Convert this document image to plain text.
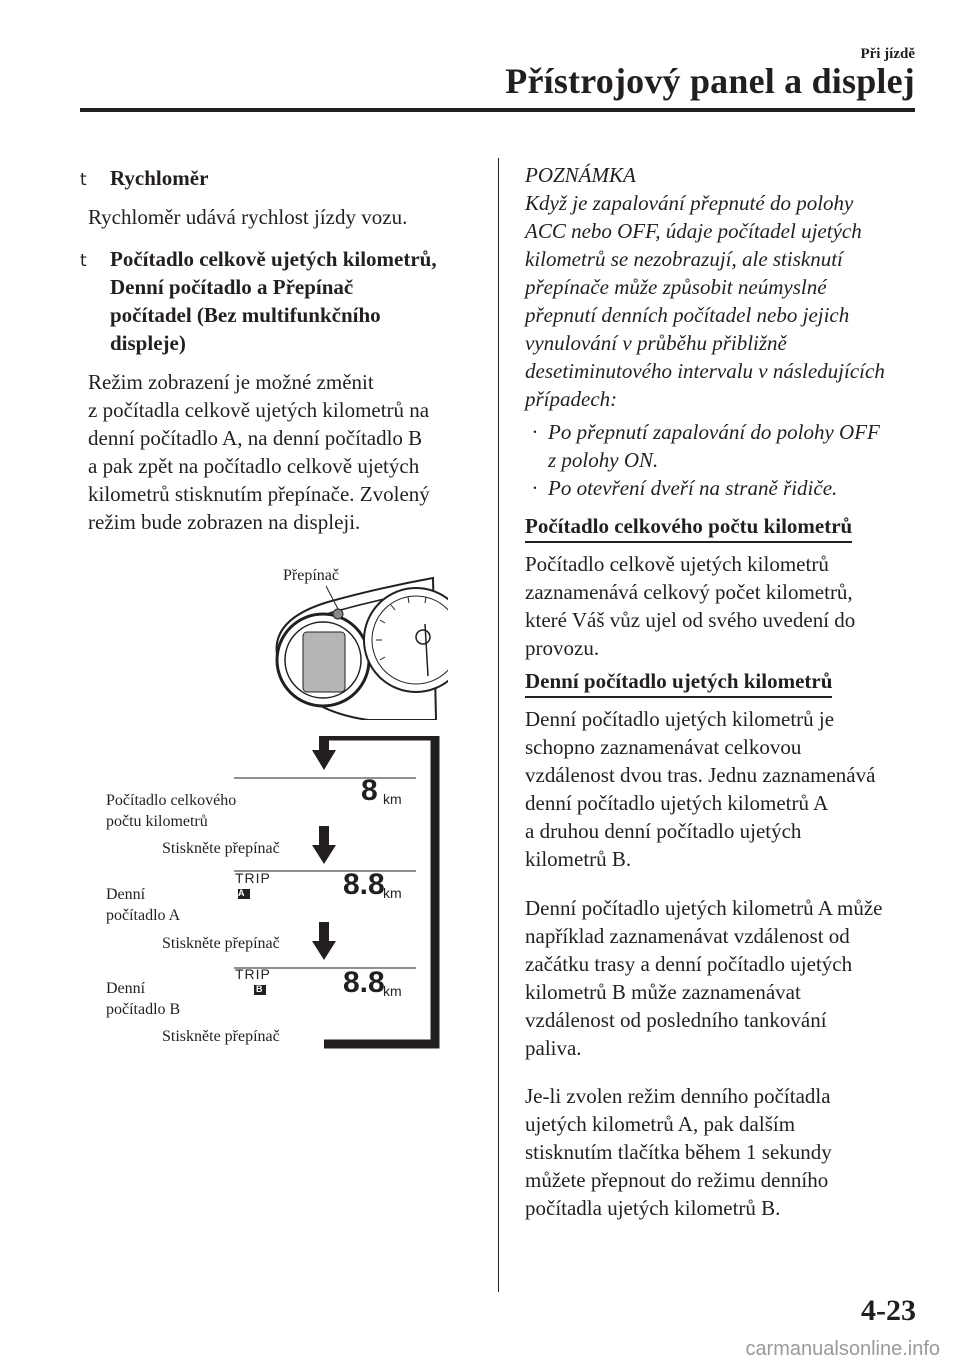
Při jízdě
Přístrojový panel a displej
t Rychloměr
Rychloměr udává rychlost jízdy vozu.
t Počítadlo celkově ujetých kilometrů,
Denní počítadlo a Přepínač
počítadel (Bez multifunkčního
displeje)
Režim zobrazení je možné změnit
z počítadla celkově ujetých kilometrů na
denní počítadlo A, na denní počítadlo B
a pak zpět na počítadlo celkově ujetých
kilometrů stisknutím přepínače. Zvolený
režim bude zobrazen na displeji.
Přepínač
8 km
TRIP
A	8.8
km
TRIP
B	8.8
km
Počítadlo celkového
počtu kilometrů
Stiskněte přepínač
Denní
počítadlo A
Stiskněte přepínač
Denní
počítadlo B
Stiskněte přepínač
POZNÁMKA
Když je zapalování přepnuté do polohy
ACC nebo OFF, údaje počítadel ujetých
kilometrů se nezobrazují, ale stisknutí
přepínače může způsobit neúmyslné
přepnutí denních počítadel nebo jejich
vynulování v průběhu přibližně
desetiminutového intervalu v následujících
případech:
· Po přepnutí zapalování do polohy OFF
z polohy ON.
· Po otevření dveří na straně řidiče.
Počítadlo celkového počtu kilometrů
Počítadlo celkově ujetých kilometrů
zaznamenává celkový počet kilometrů,
které Váš vůz ujel od svého uvedení do
provozu.
Denní počítadlo ujetých kilometrů
Denní počítadlo ujetých kilometrů je
schopno zaznamenávat celkovou
vzdálenost dvou tras. Jednu zaznamenává
denní počítadlo ujetých kilometrů A
a druhou denní počítadlo ujetých
kilometrů B.
Denní počítadlo ujetých kilometrů A může
například zaznamenávat vzdálenost od
začátku trasy a denní počítadlo ujetých
kilometrů B může zaznamenávat
vzdálenost od posledního tankování
paliva.
Je-li zvolen režim denního počítadla
ujetých kilometrů A, pak dalším
stisknutím tlačítka během 1 sekundy
můžete přepnout do režimu denního
počítadla ujetých kilometrů B.
4-23
carmanualsonline.info
